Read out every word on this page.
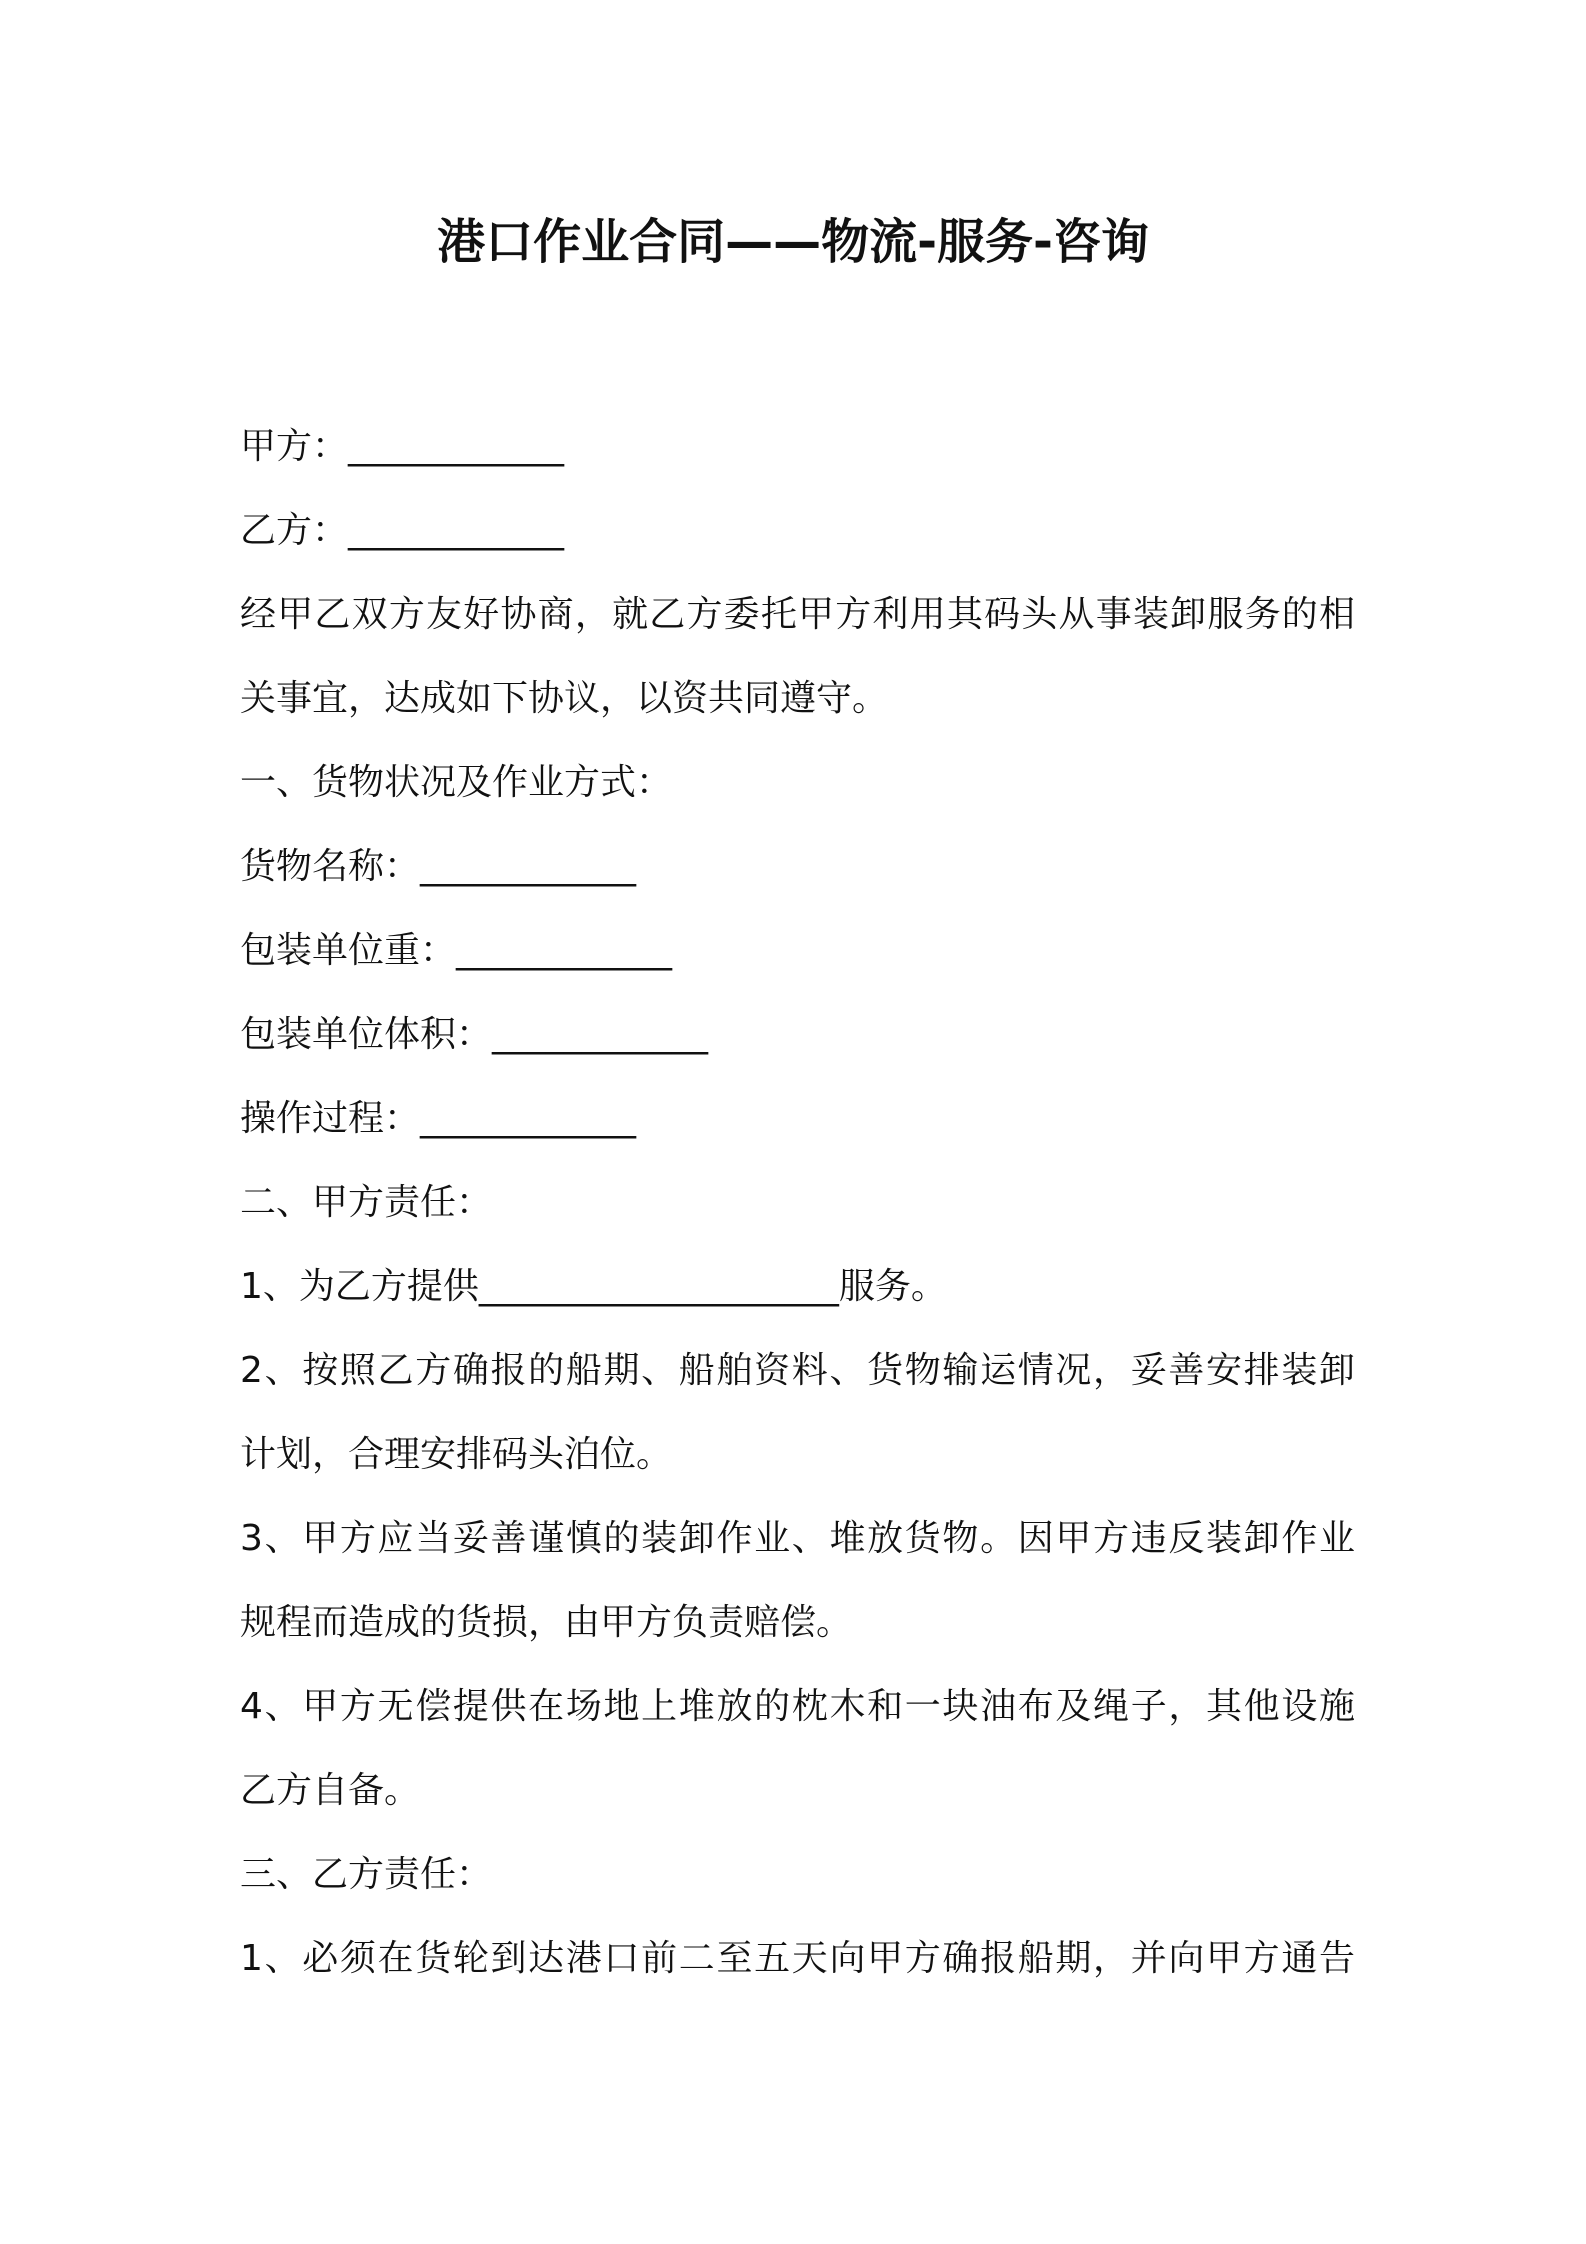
港口作业合同——物流-服务-咨询
甲方：____________
乙方：____________
经甲乙双方友好协商，就乙方委托甲方利用其码头从事装卸服务的相
关事宜，达成如下协议，以资共同遵守。
一、货物状况及作业方式：
货物名称：____________
包装单位重：____________
包装单位体积：____________
操作过程：____________
二、甲方责任：
1、为乙方提供____________________服务。
2、按照乙方确报的船期、船舶资料、货物输运情况，妥善安排装卸
计划，合理安排码头泊位。
3、甲方应当妥善谨慎的装卸作业、堆放货物。因甲方违反装卸作业
规程而造成的货损，由甲方负责赔偿。
4、甲方无偿提供在场地上堆放的枕木和一块油布及绳子，其他设施
乙方自备。
三、乙方责任：
1、必须在货轮到达港口前二至五天向甲方确报船期，并向甲方通告
